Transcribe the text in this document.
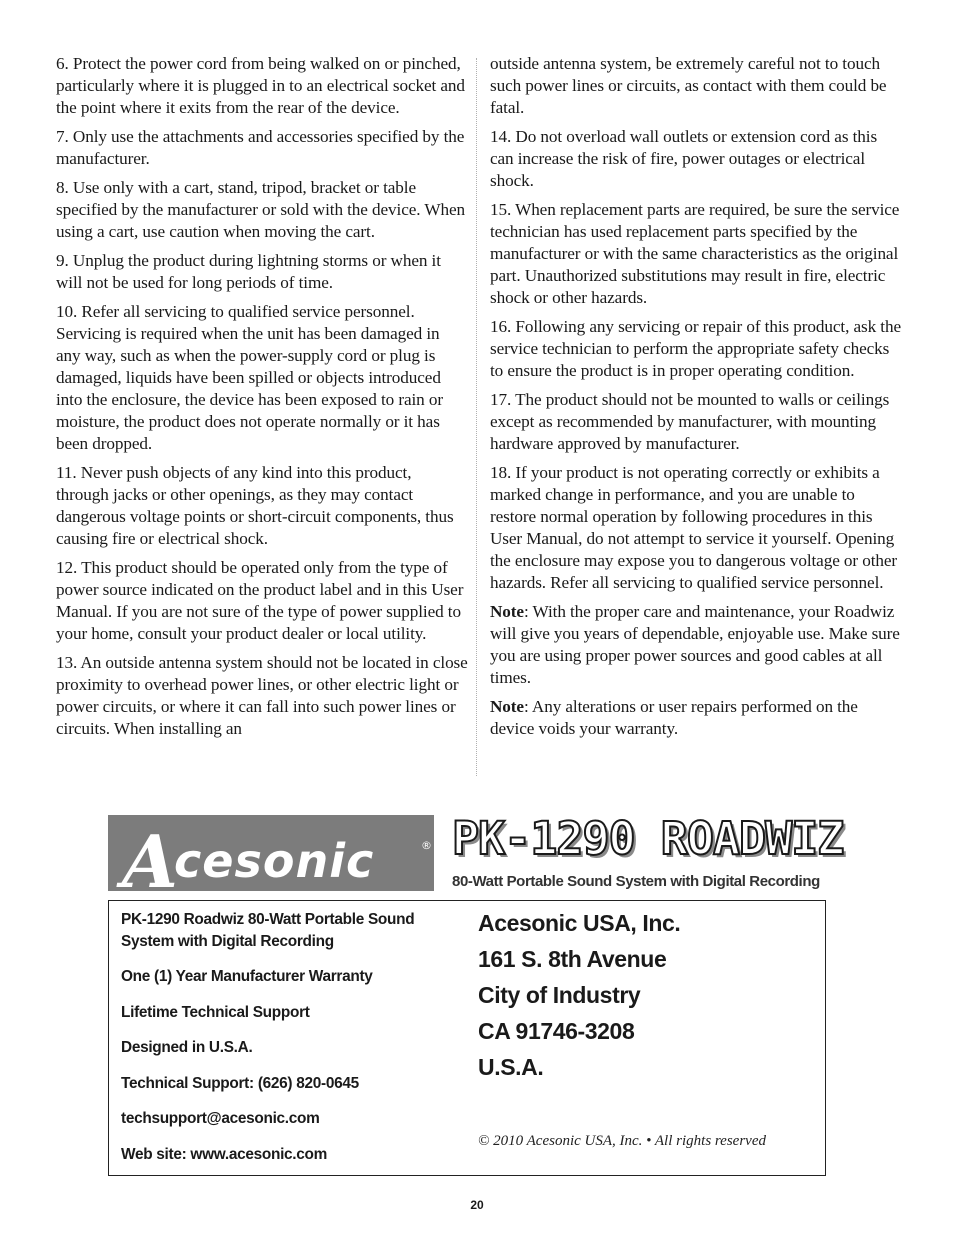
6. Protect the power cord from being walked on or pinched, particularly where it is plugged in to an electrical socket and the point where it exits from the rear of the device.

7. Only use the attachments and accessories specified by the manufacturer.

8. Use only with a cart, stand, tripod, bracket or table specified by the manufacturer or sold with the device. When using a cart, use caution when moving the cart.

9. Unplug the product during lightning storms or when it will not be used for long periods of time.

10. Refer all servicing to qualified service personnel. Servicing is required when the unit has been damaged in any way, such as when the power-supply cord or plug is damaged, liquids have been spilled or objects introduced into the enclosure, the device has been exposed to rain or moisture, the product does not operate normally or it has been dropped.

11. Never push objects of any kind into this product, through jacks or other openings, as they may contact dangerous voltage points or short-circuit components, thus causing fire or electrical shock.

12. This product should be operated only from the type of power source indicated on the product label and in this User Manual. If you are not sure of the type of power supplied to your home, consult your product dealer or local utility.

13. An outside antenna system should not be located in close proximity to overhead power lines, or other electric light or power circuits, or where it can fall into such power lines or circuits. When installing an

outside antenna system, be extremely careful not to touch such power lines or circuits, as contact with them could be fatal.

14. Do not overload wall outlets or extension cord as this can increase the risk of fire, power outages or electrical shock.

15. When replacement parts are required, be sure the service technician has used replacement parts specified by the manufacturer or with the same characteristics as the original part. Unauthorized substitutions may result in fire, electric shock or other hazards.

16. Following any servicing or repair of this product, ask the service technician to perform the appropriate safety checks to ensure the product is in proper operating condition.

17. The product should not be mounted to walls or ceilings except as recommended by manufacturer, with mounting hardware approved by manufacturer.

18. If your product is not operating correctly or exhibits a marked change in performance, and you are unable to restore normal operation by following procedures in this User Manual, do not attempt to service it yourself. Opening the enclosure may expose you to dangerous voltage or other hazards. Refer all servicing to qualified service personnel.

Note: With the proper care and maintenance, your Roadwiz will give you years of dependable, enjoyable use. Make sure you are using proper power sources and good cables at all times.

Note: Any alterations or user repairs performed on the device voids your warranty.

A
cesonic	® PK-1290 ROADWIZ
80-Watt Portable Sound System with Digital Recording
PK-1290 Roadwiz 80-Watt Portable Sound System with Digital Recording
One (1) Year Manufacturer Warranty
Lifetime Technical Support
Designed in U.S.A.
Technical Support: (626) 820-0645
techsupport@acesonic.com
Web site: www.acesonic.com
Acesonic USA, Inc.
161 S. 8th Avenue
City of Industry
CA 91746-3208
U.S.A.
© 2010 Acesonic USA, Inc. • All rights reserved
20
